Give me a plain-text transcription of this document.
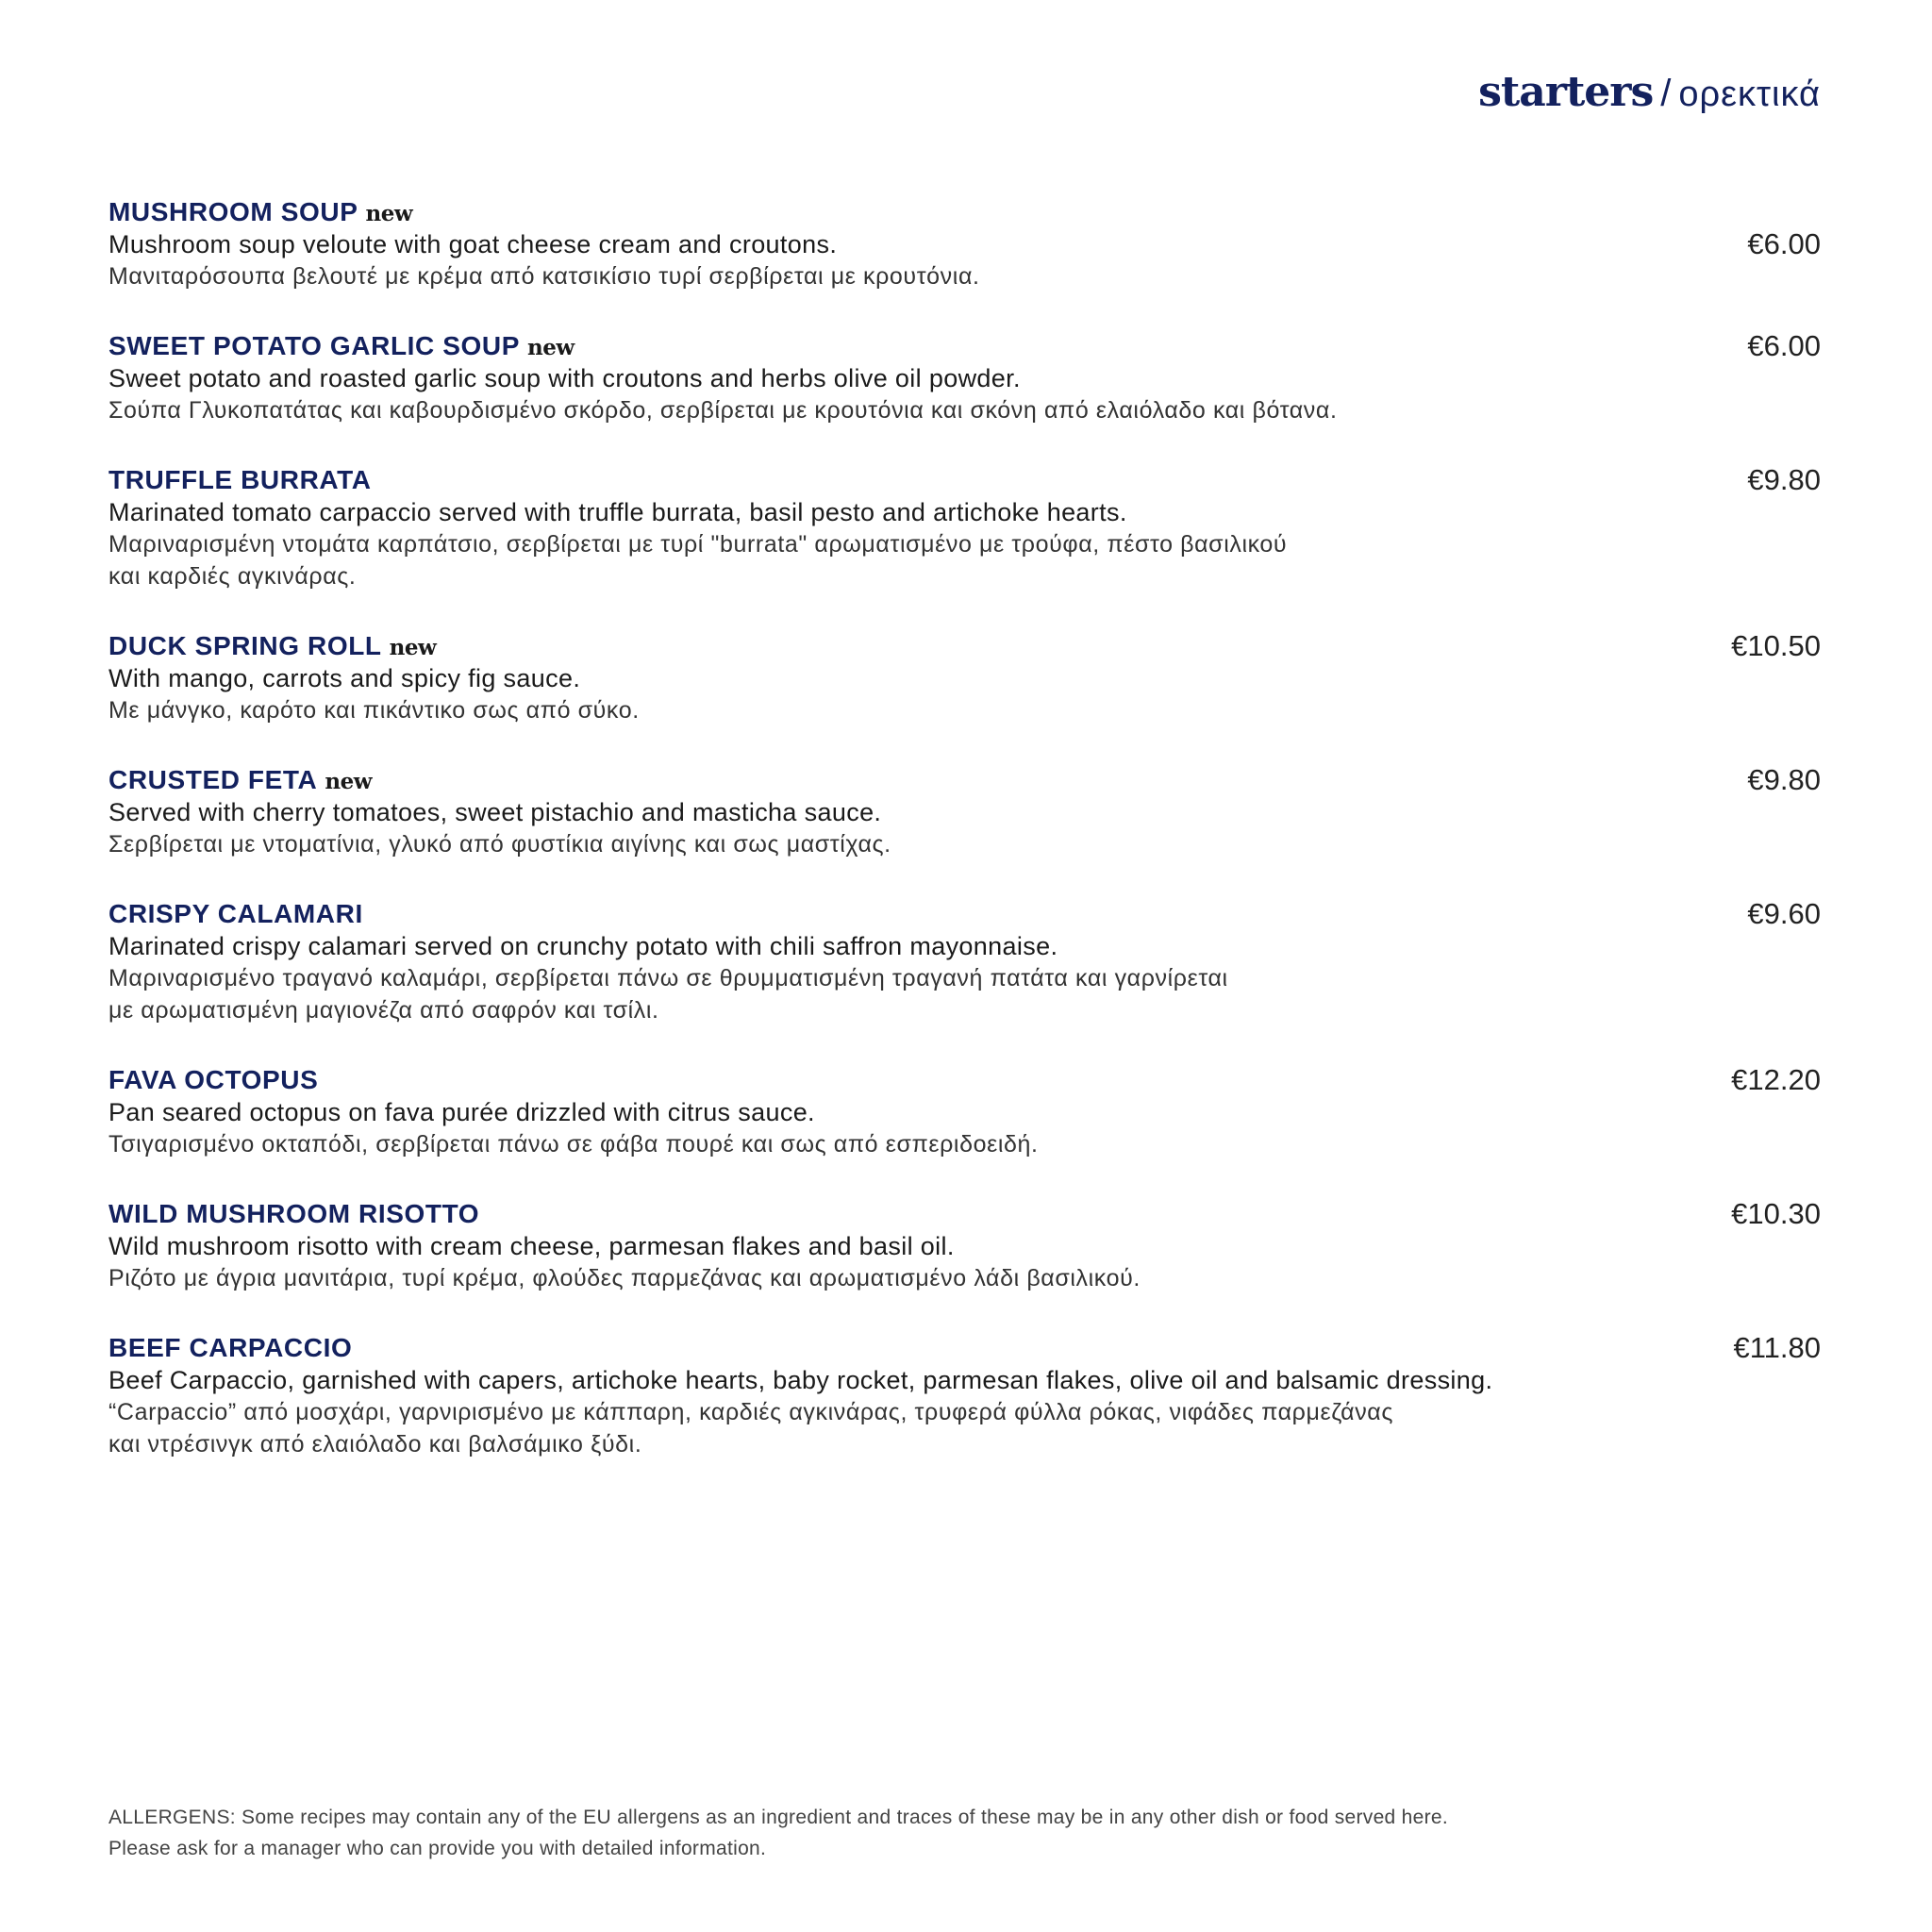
starters / ορεκτικά
MUSHROOM SOUP new
Mushroom soup veloute with goat cheese cream and croutons.
Μανιταρόσουπα βελουτέ με κρέμα από κατσικίσιο τυρί σερβίρεται με κρουτόνια.
€6.00
SWEET POTATO GARLIC SOUP new
Sweet potato and roasted garlic soup with croutons and herbs olive oil powder.
Σούπα Γλυκοπατάτας και καβουρδισμένο σκόρδο, σερβίρεται με κρουτόνια και σκόνη από ελαιόλαδο και βότανα.
€6.00
TRUFFLE BURRATA
Marinated tomato carpaccio served with truffle burrata, basil pesto and artichoke hearts.
Μαριναρισμένη ντομάτα καρπάτσιο, σερβίρεται με τυρί "burrata" αρωματισμένο με τρούφα, πέστο βασιλικού
και καρδιές αγκινάρας.
€9.80
DUCK SPRING ROLL new
With mango, carrots and spicy fig sauce.
Με μάνγκο, καρότο και πικάντικο σως από σύκο.
€10.50
CRUSTED FETA new
Served with cherry tomatoes, sweet pistachio and masticha sauce.
Σερβίρεται με ντοματίνια, γλυκό από φυστίκια αιγίνης και σως μαστίχας.
€9.80
CRISPY CALAMARI
Marinated crispy calamari served on crunchy potato with chili saffron mayonnaise.
Μαριναρισμένο τραγανό καλαμάρι, σερβίρεται πάνω σε θρυμματισμένη τραγανή πατάτα και γαρνίρεται
με αρωματισμένη μαγιονέζα από σαφρόν και τσίλι.
€9.60
FAVA OCTOPUS
Pan seared octopus on fava purée drizzled with citrus sauce.
Τσιγαρισμένο οκταπόδι, σερβίρεται πάνω σε φάβα πουρέ και σως από εσπεριδοειδή.
€12.20
WILD MUSHROOM RISOTTO
Wild mushroom risotto with cream cheese, parmesan flakes and basil oil.
Ριζότο με άγρια μανιτάρια, τυρί κρέμα, φλούδες παρμεζάνας και αρωματισμένο λάδι βασιλικού.
€10.30
BEEF CARPACCIO
Beef Carpaccio, garnished with capers, artichoke hearts, baby rocket, parmesan flakes, olive oil and balsamic dressing.
“Carpaccio” από μοσχάρι, γαρνιρισμένο με κάππαρη, καρδιές αγκινάρας, τρυφερά φύλλα ρόκας, νιφάδες παρμεζάνας
και ντρέσινγκ από ελαιόλαδο και βαλσάμικο ξύδι.
€11.80
ALLERGENS: Some recipes may contain any of the EU allergens as an ingredient and traces of these may be in any other dish or food served here.
Please ask for a manager who can provide you with detailed information.
